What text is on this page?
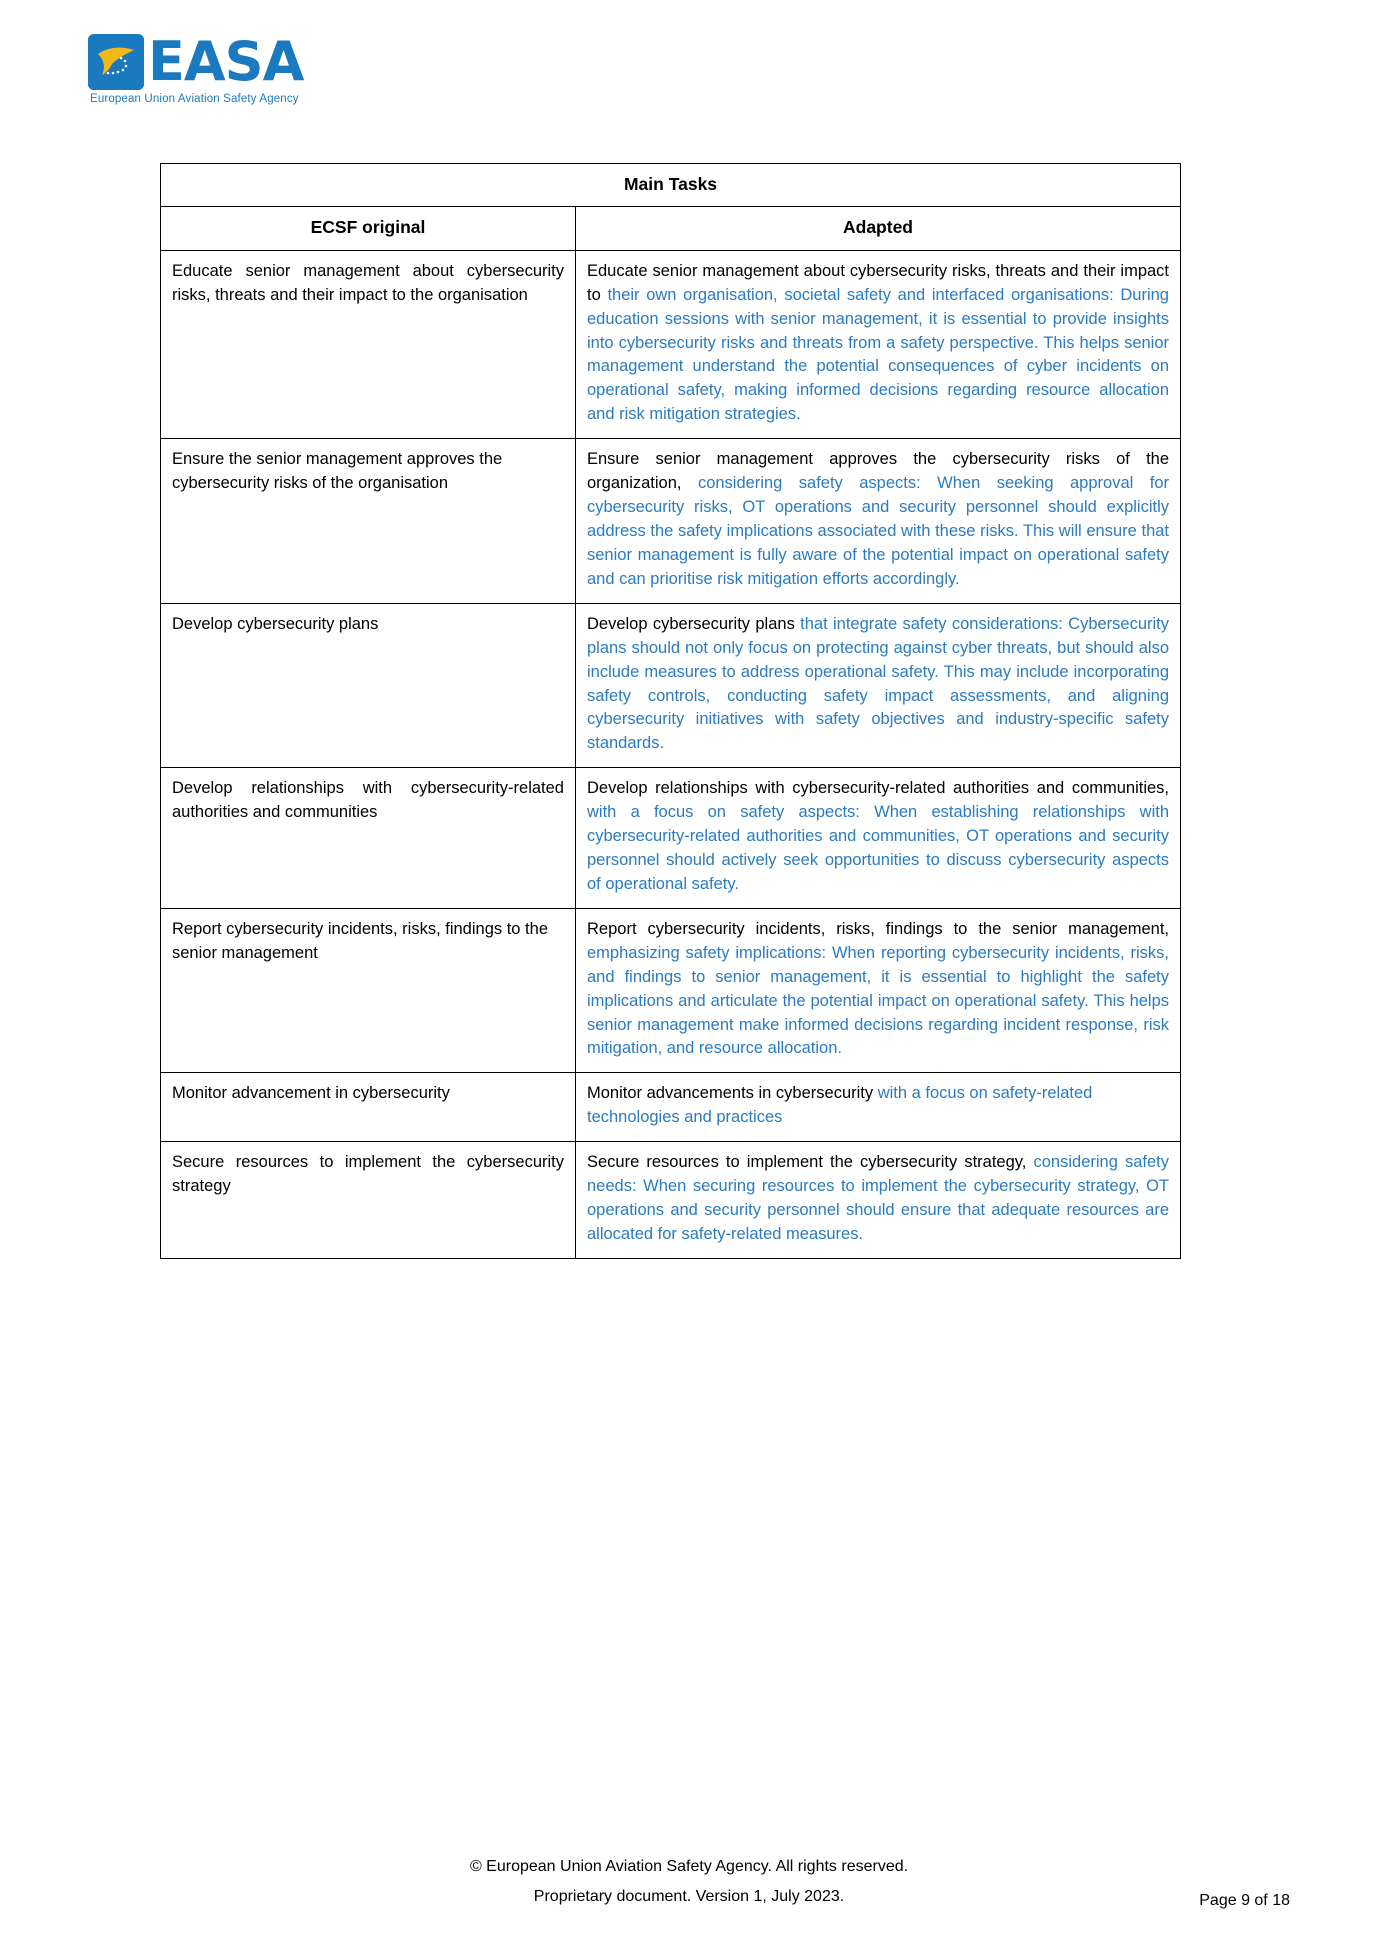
EASA
European Union Aviation Safety Agency
Main Tasks	
ECSF original	Adapted

Educate senior management about cybersecurity risks, threats and their impact to the organisation	Educate senior management about cybersecurity risks, threats and their impact to their own organisation, societal safety and interfaced organisations: During education sessions with senior management, it is essential to provide insights into cybersecurity risks and threats from a safety perspective. This helps senior management understand the potential consequences of cyber incidents on operational safety, making informed decisions regarding resource allocation and risk mitigation strategies.

Ensure the senior management approves the cybersecurity risks of the organisation	Ensure senior management approves the cybersecurity risks of the organization, considering safety aspects: When seeking approval for cybersecurity risks, OT operations and security personnel should explicitly address the safety implications associated with these risks. This will ensure that senior management is fully aware of the potential impact on operational safety and can prioritise risk mitigation efforts accordingly.

Develop cybersecurity plans	Develop cybersecurity plans that integrate safety considerations: Cybersecurity plans should not only focus on protecting against cyber threats, but should also include measures to address operational safety. This may include incorporating safety controls, conducting safety impact assessments, and aligning cybersecurity initiatives with safety objectives and industry-specific safety standards.

Develop relationships with cybersecurity-related authorities and communities	Develop relationships with cybersecurity-related authorities and communities, with a focus on safety aspects: When establishing relationships with cybersecurity-related authorities and communities, OT operations and security personnel should actively seek opportunities to discuss cybersecurity aspects of operational safety.

Report cybersecurity incidents, risks, findings to the senior management	Report cybersecurity incidents, risks, findings to the senior management, emphasizing safety implications: When reporting cybersecurity incidents, risks, and findings to senior management, it is essential to highlight the safety implications and articulate the potential impact on operational safety. This helps senior management make informed decisions regarding incident response, risk mitigation, and resource allocation.

Monitor advancement in cybersecurity	Monitor advancements in cybersecurity with a focus on safety-related technologies and practices

Secure resources to implement the cybersecurity strategy	Secure resources to implement the cybersecurity strategy, considering safety needs: When securing resources to implement the cybersecurity strategy, OT operations and security personnel should ensure that adequate resources are allocated for safety-related measures.

© European Union Aviation Safety Agency. All rights reserved.
Proprietary document. Version 1, July 2023.	Page 9 of 18
